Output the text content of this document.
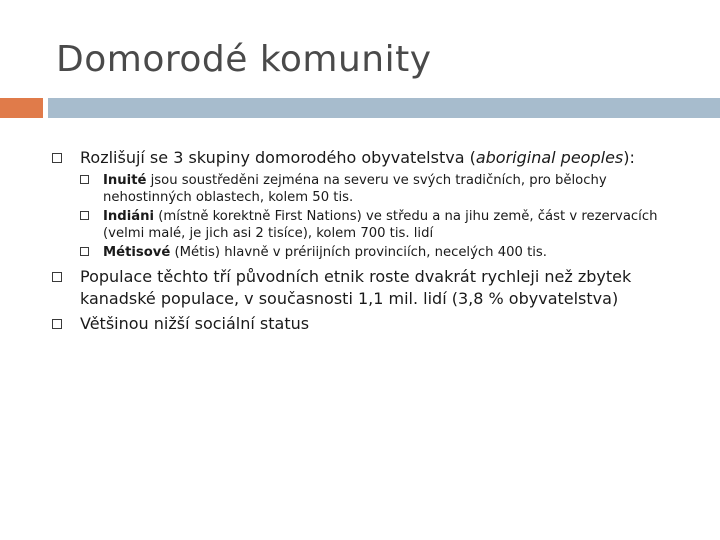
Domorodé komunity
Rozlišují se 3 skupiny domorodého obyvatelstva (aboriginal peoples):
Inuité jsou soustředěni zejména na severu ve svých tradičních, pro bělochy nehostinných oblastech, kolem 50 tis.
Indiáni (místně korektně First Nations) ve středu a na jihu země, část v rezervacích (velmi malé, je jich asi 2 tisíce), kolem 700 tis. lidí
Métisové (Métis) hlavně v prériijních provinciích, necelých 400 tis.
Populace těchto tří původních etnik roste dvakrát rychleji než zbytek kanadské populace, v současnosti 1,1 mil. lidí (3,8 % obyvatelstva)
Většinou nižší sociální status
